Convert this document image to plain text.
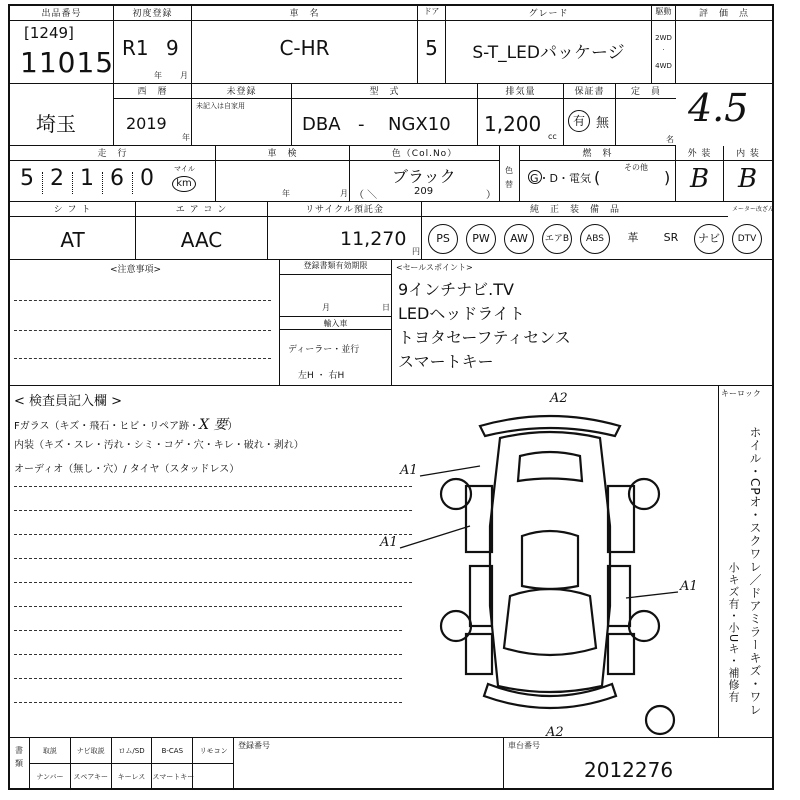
出品番号
[1249]
11015
初度登録
R1 9
年 月
車　名
C-HR
ドア
5
グレード
S-T_LEDパッケージ
駆動
2WD
·
4WD
評　価　点
4.5
埼玉
西　暦
2019
年
未登録
未記入は自家用
型　式
DBA - NGX10
排気量
1,200
cc
保証書
有 無
定　員
名
走　行
5 2 1 6 0	マイル
km
車　検
年	月
色（Col.No）
ブラック
（ ＼	209	）
色替
燃　料
G・D・電気 (
その他
)
外 装
B
内 装
B
シ フ ト
AT
エ ア コ ン
AAC
リサイクル預託金
11,270
円
純　正　装　備　品	メーター改ざん
PS	PW	AW	エアB	ABS	革	SR	ナビ	DTV
<注意事項>	登録書類有効期限
月	日
輸入車
ディーラー・並行
左H ・ 右H
<セールスポイント>
9インチナビ.TV
LEDヘッドライト
トヨタセーフティセンス
スマートキー
< 検査員記入欄 >
Fガラス（キズ・飛石・ヒビ・リペア跡・X 要）
内装（キズ・スレ・汚れ・シミ・コゲ・穴・キレ・破れ・剥れ）
オーディオ（無し・穴）/ タイヤ（スタッドレス）
A2
A1
A1
A1
A2
キーロック
ホイル・CPオ・スクワレ／ドアミラーキズ・ワレ
小キズ有・小Uキ・補修有
書類
取説	ナビ取説	ロム/SD	B-CAS	リモコン
ナンバー	スペアキー	キーレス	スマートキー
登録番号	車台番号
2012276
